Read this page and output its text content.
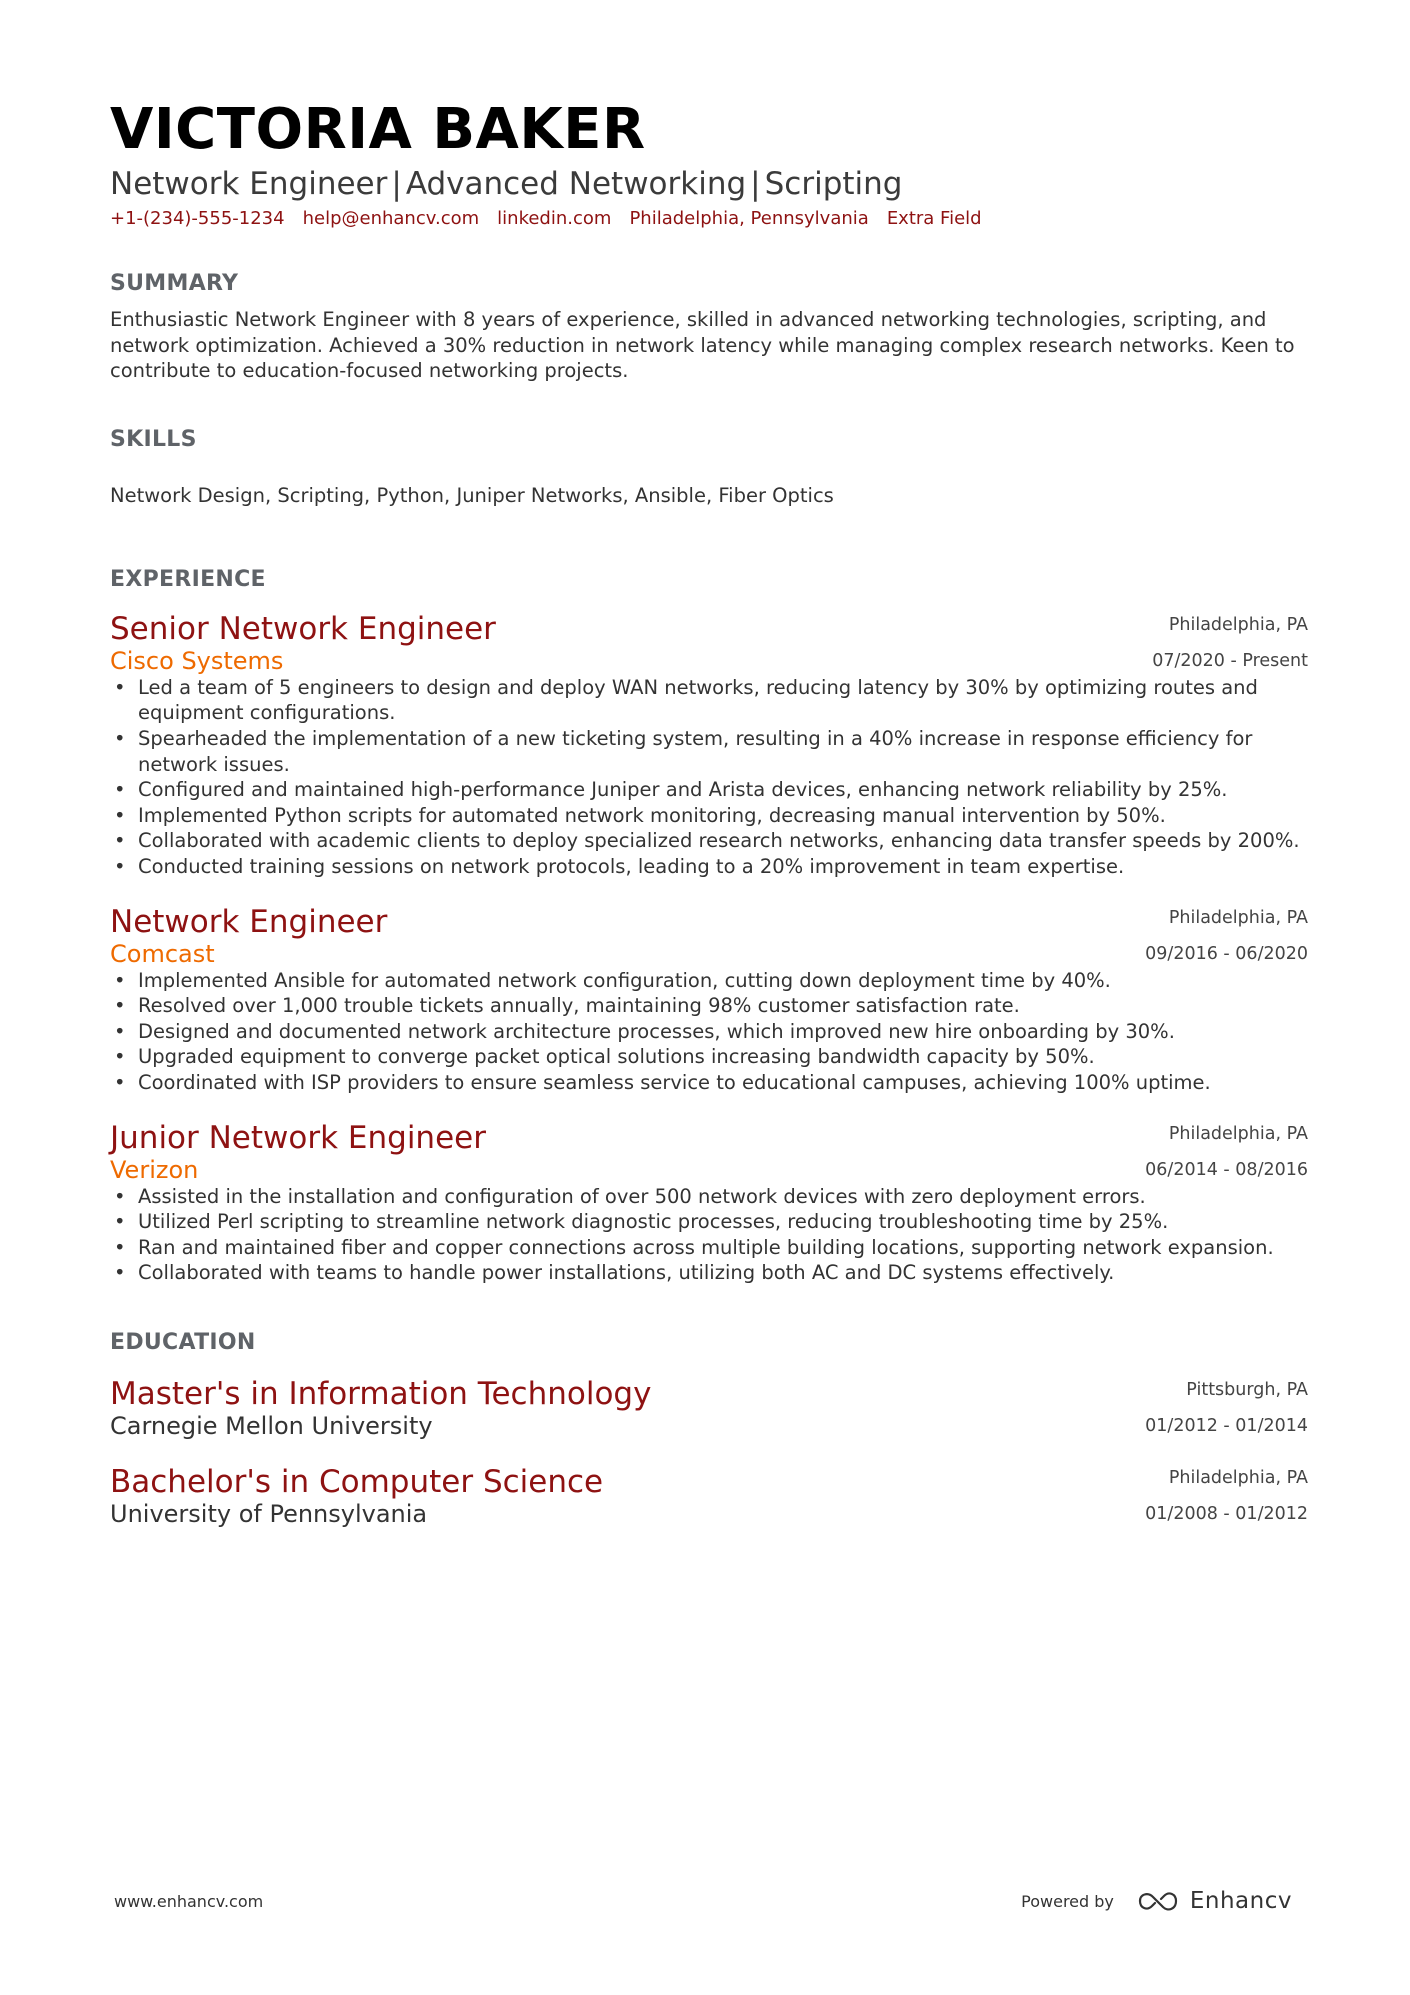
VICTORIA BAKER
Network Engineer | Advanced Networking | Scripting
+1-(234)-555-1234 help@enhancv.com linkedin.com Philadelphia, Pennsylvania Extra Field
SUMMARY
Enthusiastic Network Engineer with 8 years of experience, skilled in advanced networking technologies, scripting, and network optimization. Achieved a 30% reduction in network latency while managing complex research networks. Keen to contribute to education-focused networking projects.
SKILLS
Network Design, Scripting, Python, Juniper Networks, Ansible, Fiber Optics
EXPERIENCE
Senior Network Engineer
Cisco Systems
Philadelphia, PA
07/2020 - Present
• Led a team of 5 engineers to design and deploy WAN networks, reducing latency by 30% by optimizing routes and equipment configurations.
• Spearheaded the implementation of a new ticketing system, resulting in a 40% increase in response efficiency for network issues.
• Configured and maintained high-performance Juniper and Arista devices, enhancing network reliability by 25%.
• Implemented Python scripts for automated network monitoring, decreasing manual intervention by 50%.
• Collaborated with academic clients to deploy specialized research networks, enhancing data transfer speeds by 200%.
• Conducted training sessions on network protocols, leading to a 20% improvement in team expertise.
Network Engineer
Comcast
Philadelphia, PA
09/2016 - 06/2020
• Implemented Ansible for automated network configuration, cutting down deployment time by 40%.
• Resolved over 1,000 trouble tickets annually, maintaining 98% customer satisfaction rate.
• Designed and documented network architecture processes, which improved new hire onboarding by 30%.
• Upgraded equipment to converge packet optical solutions increasing bandwidth capacity by 50%.
• Coordinated with ISP providers to ensure seamless service to educational campuses, achieving 100% uptime.
Junior Network Engineer
Verizon
Philadelphia, PA
06/2014 - 08/2016
• Assisted in the installation and configuration of over 500 network devices with zero deployment errors.
• Utilized Perl scripting to streamline network diagnostic processes, reducing troubleshooting time by 25%.
• Ran and maintained fiber and copper connections across multiple building locations, supporting network expansion.
• Collaborated with teams to handle power installations, utilizing both AC and DC systems effectively.
EDUCATION
Master's in Information Technology
Carnegie Mellon University
Pittsburgh, PA
01/2012 - 01/2014
Bachelor's in Computer Science
University of Pennsylvania
Philadelphia, PA
01/2008 - 01/2012
www.enhancv.com	Powered by	Enhancv
